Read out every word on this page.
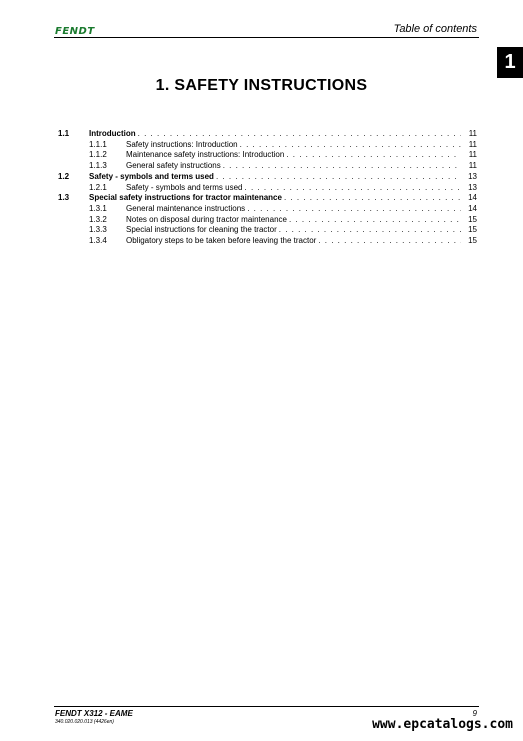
FENDT	Table of contents

1
1. SAFETY INSTRUCTIONS
1.1	Introduction . . .	11
1.1.1	Safety instructions: Introduction . . .	11
1.1.2	Maintenance safety instructions: Introduction . . .	11
1.1.3	General safety instructions . . .	11
1.2	Safety - symbols and terms used . . .	13
1.2.1	Safety - symbols and terms used . . .	13
1.3	Special safety instructions for tractor maintenance . . .	14
1.3.1	General maintenance instructions . . .	14
1.3.2	Notes on disposal during tractor maintenance . . .	15
1.3.3	Special instructions for cleaning the tractor . . .	15
1.3.4	Obligatory steps to be taken before leaving the tractor . . .	15

FENDT X312 - EAME

340.020.020.013 (4426en)

9

www.epcatalogs.com
